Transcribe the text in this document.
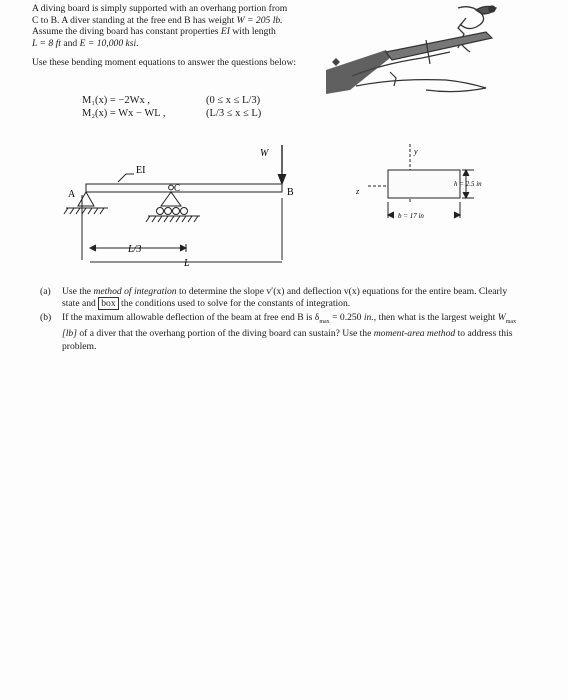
A diving board is simply supported with an overhang portion from
C to B. A diver standing at the free end B has weight W = 205 lb.
Assume the diving board has constant properties EI with length
L = 8 ft and E = 10,000 ksi.

Use these bending moment equations to answer the questions below:

M₁(x) = −2Wx ,	(0 ≤ x ≤ L/3)
M₂(x) = Wx − WL ,	(L/3 ≤ x ≤ L)
EI
W
A	B
C
L/3
L
z
y
h = 2.5 in
b = 17 in
(a)	Use the method of integration to determine the slope v′(x) and deflection v(x) equations for the entire beam. Clearly state and box the conditions used to solve for the constants of integration.
(b)	If the maximum allowable deflection of the beam at free end B is $\delta_{max} = 0.250$ in., then what is the largest weight $W_{max}$ [lb] of a diver that the overhang portion of the diving board can sustain? Use the moment-area method to address this problem.
